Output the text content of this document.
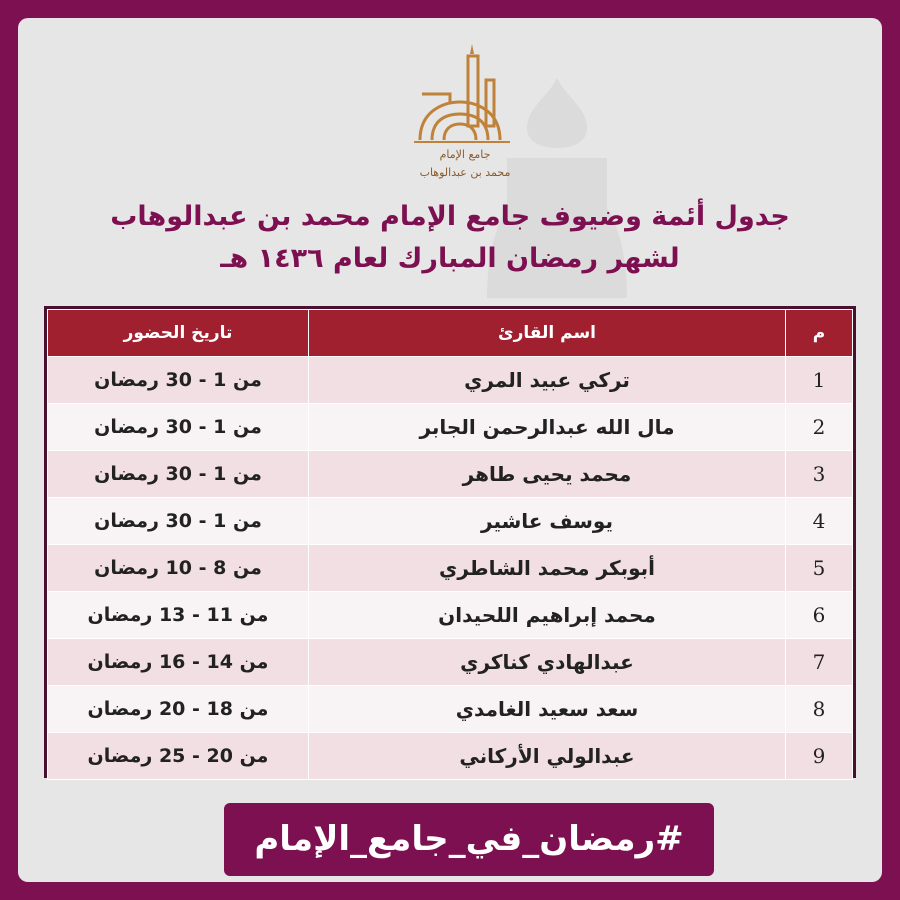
جامع الإمام
محمد بن عبدالوهاب
جدول أئمة وضيوف جامع الإمام محمد بن عبدالوهاب
لشهر رمضان المبارك لعام ١٤٣٦ هـ
م	اسم القارئ	تاريخ الحضور
1	تركي عبيد المري	من 1 - 30 رمضان
2	مال الله عبدالرحمن الجابر	من 1 - 30 رمضان
3	محمد يحيى طاهر	من 1 - 30 رمضان
4	يوسف عاشير	من 1 - 30 رمضان
5	أبوبكر محمد الشاطري	من 8 - 10 رمضان
6	محمد إبراهيم اللحيدان	من 11 - 13 رمضان
7	عبدالهادي كناكري	من 14 - 16 رمضان
8	سعد سعيد الغامدي	من 18 - 20 رمضان
9	عبدالولي الأركاني	من 20 - 25 رمضان
#رمضان_في_جامع_الإمام
